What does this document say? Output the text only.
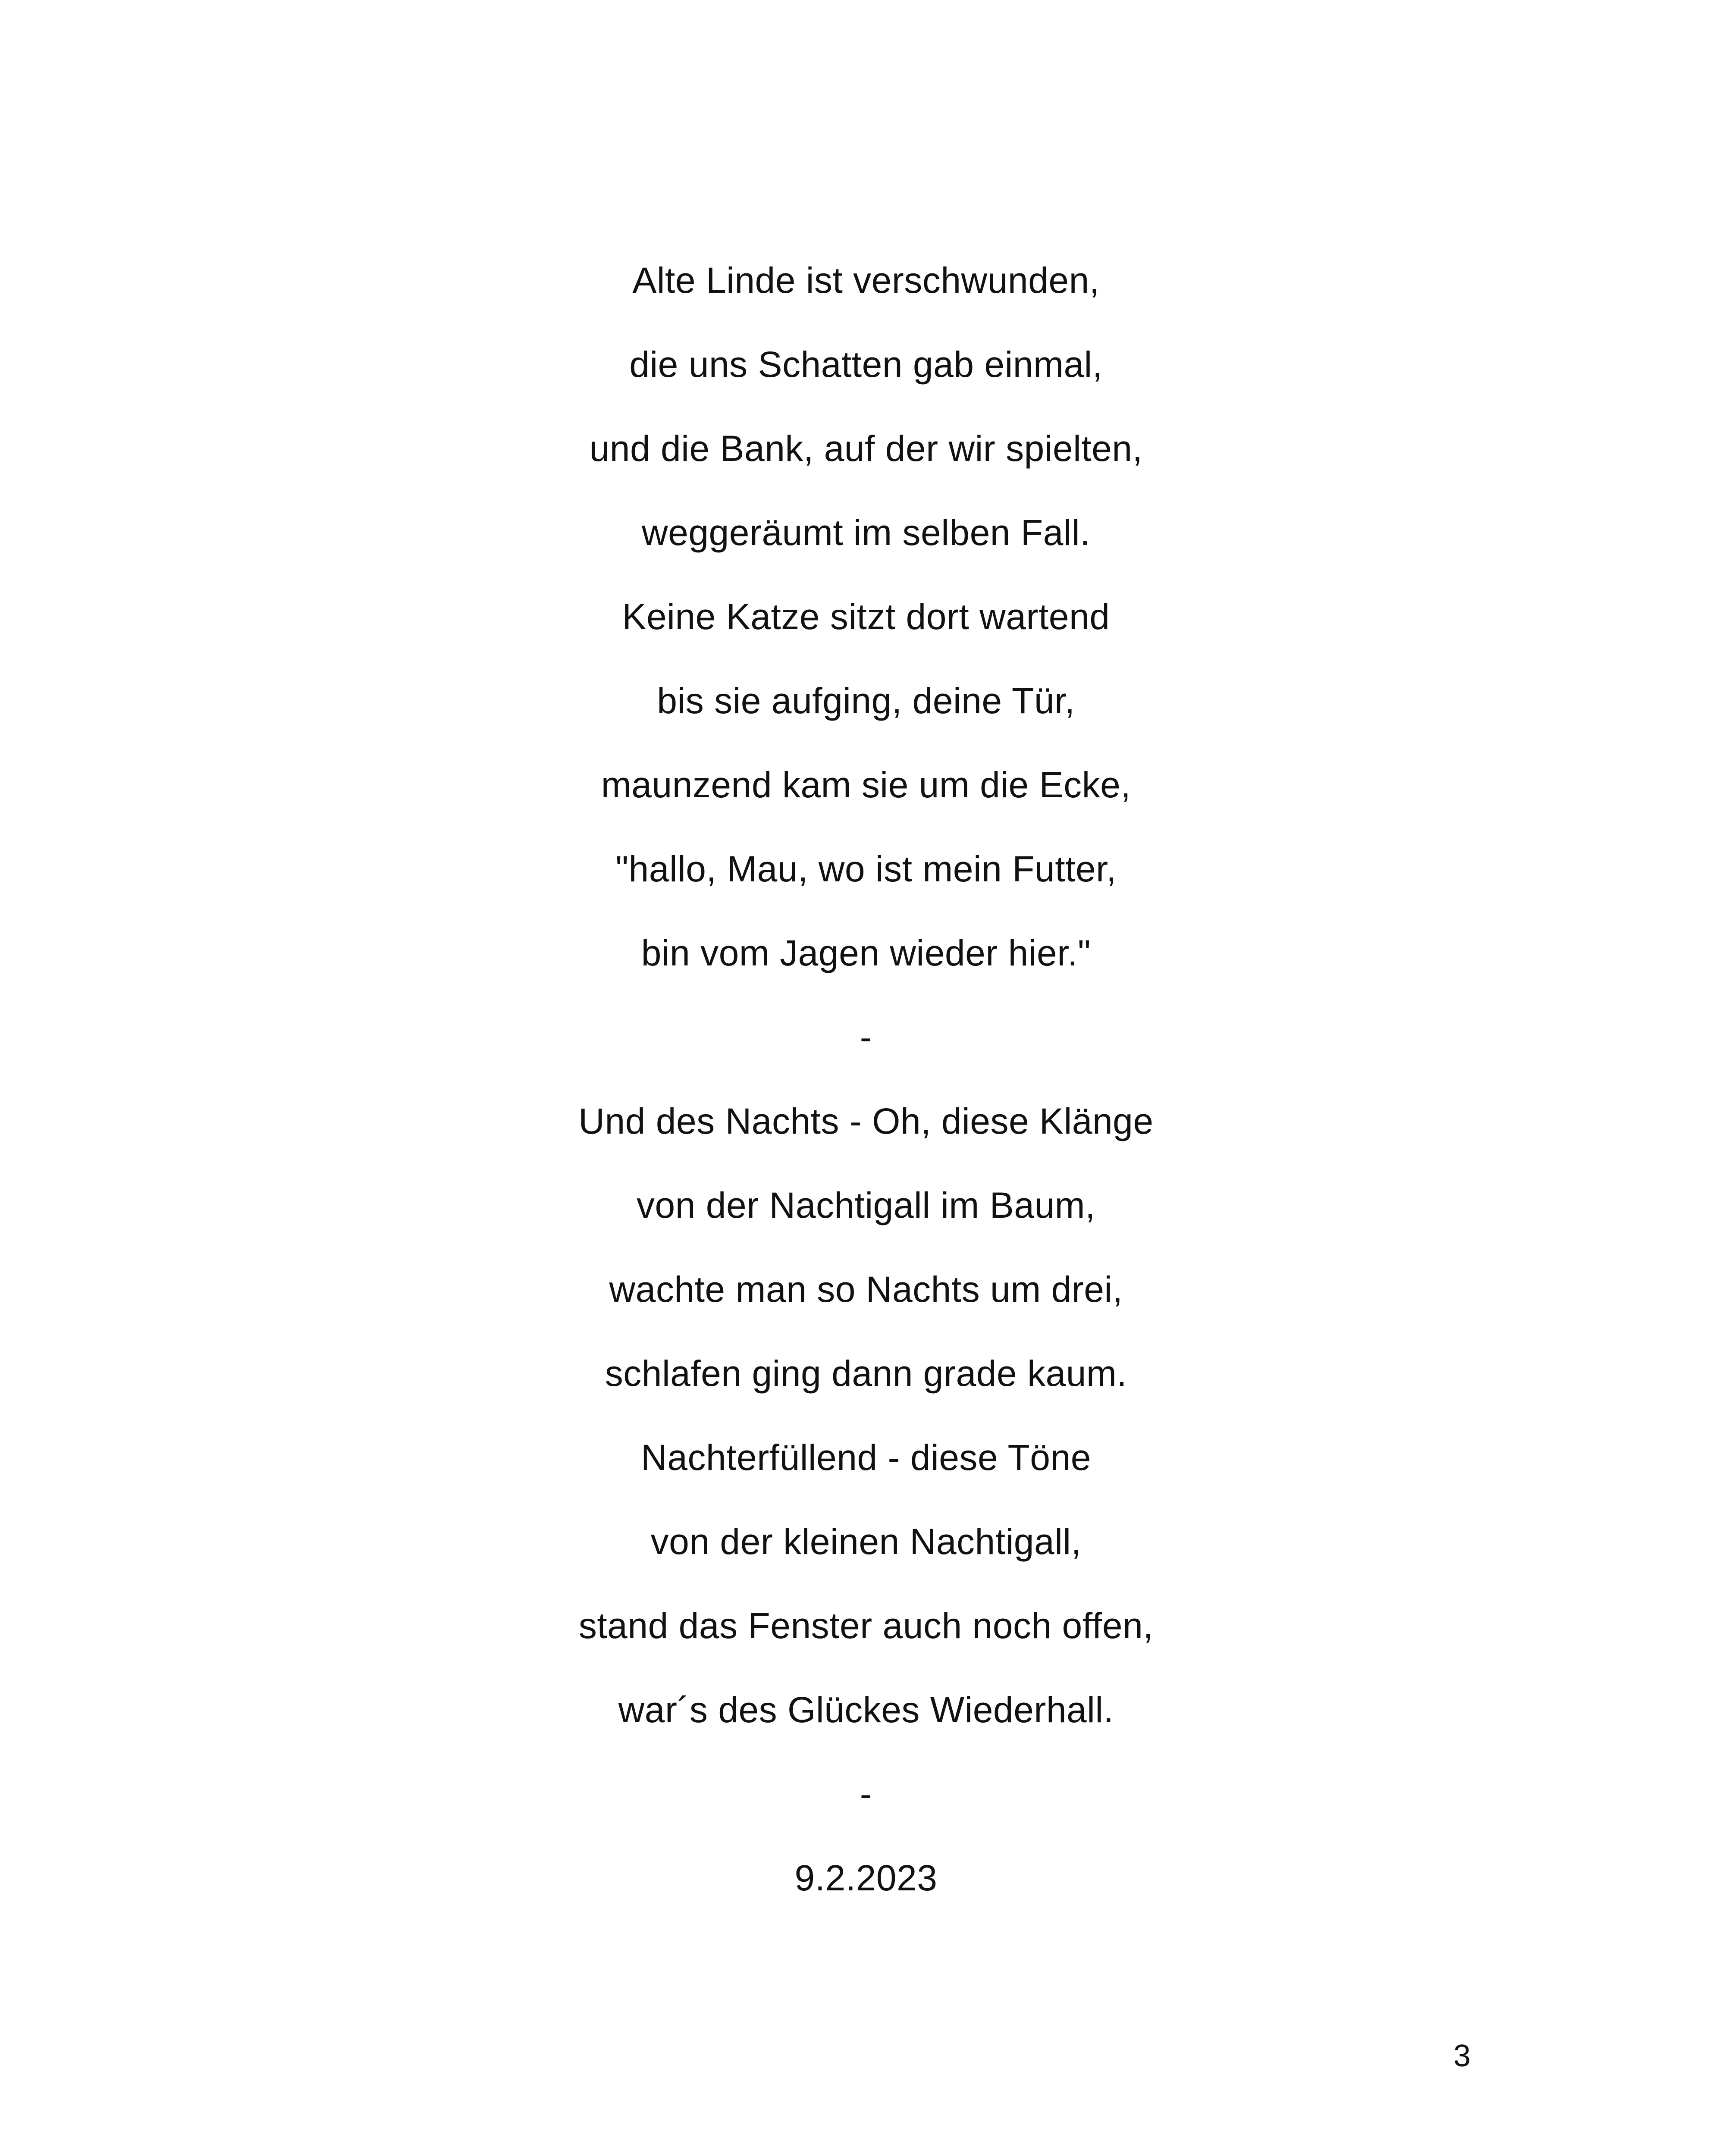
Alte Linde ist verschwunden,
die uns Schatten gab einmal,
und die Bank, auf der wir spielten,
weggeräumt im selben Fall.
Keine Katze sitzt dort wartend
bis sie aufging, deine Tür,
maunzend kam sie um die Ecke,
"hallo, Mau, wo ist mein Futter,
bin vom Jagen wieder hier."
-
Und des Nachts - Oh, diese Klänge
von der Nachtigall im Baum,
wachte man so Nachts um drei,
schlafen ging dann grade kaum.
Nachterfüllend - diese Töne
von der kleinen Nachtigall,
stand das Fenster auch noch offen,
war´s des Glückes Wiederhall.
-
9.2.2023
3
